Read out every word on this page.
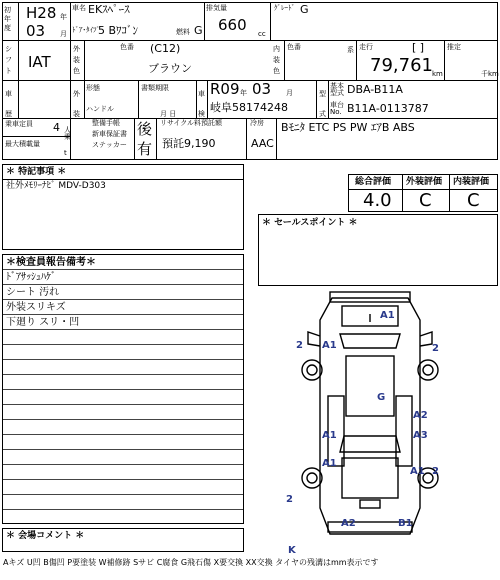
初年度
H28 年
03 月
車名 EKｽﾍﾟｰｽ
ﾄﾞｱ･ﾀｲﾌﾟ
5 Bﾜｺﾞﾝ	燃料 G
排気量
660 cc
ｸﾞﾚｰﾄﾞ G
シフト IAT
外装色
色番 (C12)
ブラウン
内装色
色番	系 走行	[ ]
79,761 km
推定
千km
車歴
外装
形態
ハンドル
書類期限
月 日
車検
R09 年 03 月
岐阜58174248
型式
基本型式 DBA-B11A
車台No. B11A-0113787
乗車定員 4 人乗
最大積載量
t
整備手帳
新車保証書
ステッカー
後
有
リサイクル料預託額
預託9,190
冷房
AAC
Bﾓﾆﾀ ETC PS PW ｴｱB ABS
＊ 特記事項 ＊
社外ﾒﾓﾘｰﾅﾋﾞ MDV-D303	総合評価 外装評価 内装評価
4.0 C C
＊ セールスポイント ＊
＊検査員報告備考＊
ﾄﾞｱｻｯｼｭﾊｹﾞ
シート 汚れ
外装スリキズ
下廻り スリ・凹
＊ 会場コメント ＊
A1
A1
G
A2
A1	A3
A1
A1
A2	B1
K
2	2
2
2
Aキズ U凹 B傷凹 P要塗装 W補修跡 Sサビ C腐食 G飛石傷 X要交換 XX交換 タイヤの残溝はmm表示です
